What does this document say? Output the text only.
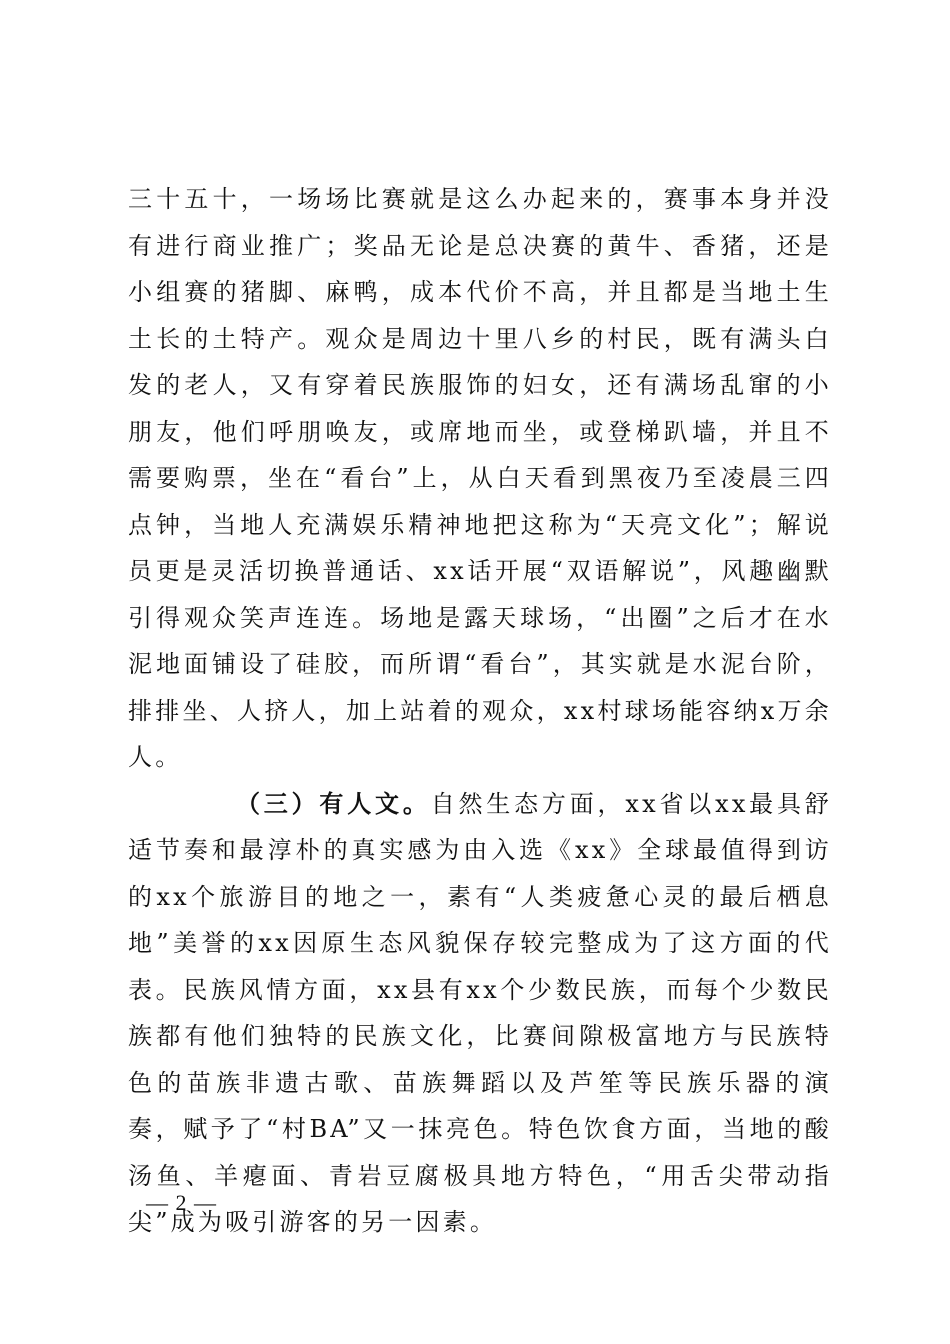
三十五十，一场场比赛就是这么办起来的，赛事本身并没有进行商业推广；奖品无论是总决赛的黄牛、香猪，还是小组赛的猪脚、麻鸭，成本代价不高，并且都是当地土生土长的土特产。观众是周边十里八乡的村民，既有满头白发的老人，又有穿着民族服饰的妇女，还有满场乱窜的小朋友，他们呼朋唤友，或席地而坐，或登梯趴墙，并且不需要购票，坐在“看台”上，从白天看到黑夜乃至凌晨三四点钟，当地人充满娱乐精神地把这称为“天亮文化”；解说员更是灵活切换普通话、xx话开展“双语解说”，风趣幽默引得观众笑声连连。场地是露天球场，“出圈”之后才在水泥地面铺设了硅胶，而所谓“看台”，其实就是水泥台阶，排排坐、人挤人，加上站着的观众，xx村球场能容纳x万余人。

（三）有人文。自然生态方面，xx省以xx最具舒适节奏和最淳朴的真实感为由入选《xx》全球最值得到访的xx个旅游目的地之一，素有“人类疲惫心灵的最后栖息地”美誉的xx因原生态风貌保存较完整成为了这方面的代表。民族风情方面，xx县有xx个少数民族，而每个少数民族都有他们独特的民族文化，比赛间隙极富地方与民族特色的苗族非遗古歌、苗族舞蹈以及芦笙等民族乐器的演奏，赋予了“村BA”又一抹亮色。特色饮食方面，当地的酸汤鱼、羊瘪面、青岩豆腐极具地方特色，“用舌尖带动指尖”成为吸引游客的另一因素。

— 2 —
